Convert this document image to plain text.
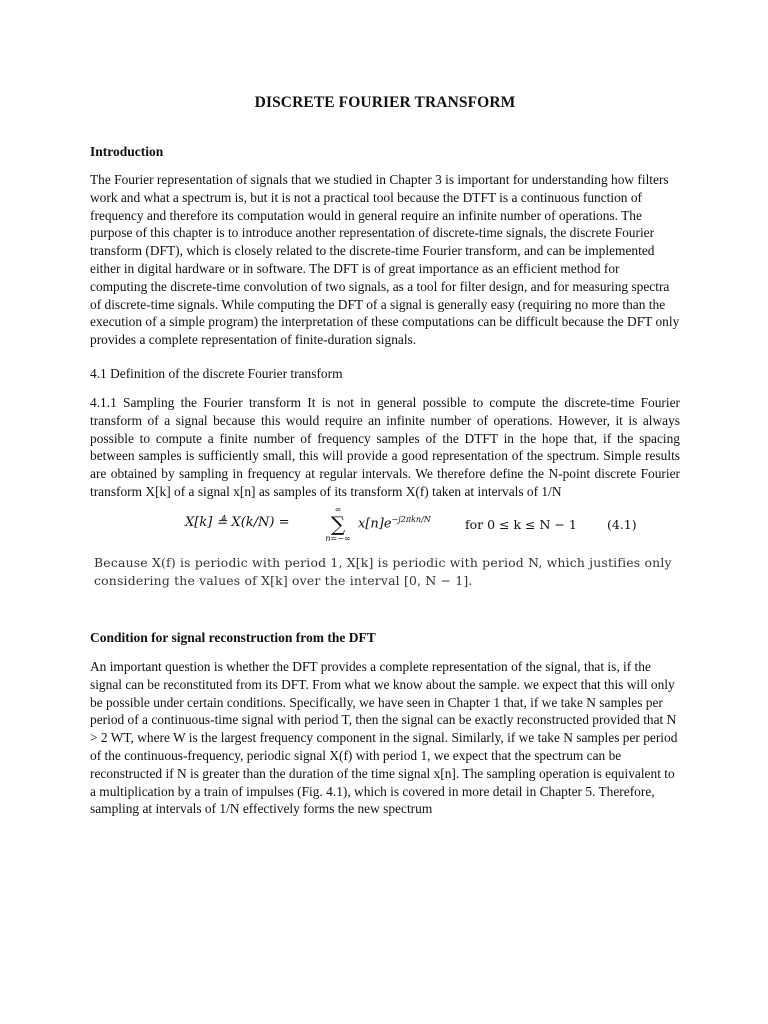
DISCRETE FOURIER TRANSFORM
Introduction
The Fourier representation of signals that we studied in Chapter 3 is important for understanding how filters work and what a spectrum is, but it is not a practical tool because the DTFT is a continuous function of frequency and therefore its computation would in general require an infinite number of operations. The purpose of this chapter is to introduce another representation of discrete-time signals, the discrete Fourier transform (DFT), which is closely related to the discrete-time Fourier transform, and can be implemented either in digital hardware or in software. The DFT is of great importance as an efficient method for computing the discrete-time convolution of two signals, as a tool for filter design, and for measuring spectra of discrete-time signals. While computing the DFT of a signal is generally easy (requiring no more than the execution of a simple program) the interpretation of these computations can be difficult because the DFT only provides a complete representation of finite-duration signals.
4.1 Definition of the discrete Fourier transform
4.1.1 Sampling the Fourier transform It is not in general possible to compute the discrete-time Fourier transform of a signal because this would require an infinite number of operations. However, it is always possible to compute a finite number of frequency samples of the DTFT in the hope that, if the spacing between samples is sufficiently small, this will provide a good representation of the spectrum. Simple results are obtained by sampling in frequency at regular intervals. We therefore define the N-point discrete Fourier transform X[k] of a signal x[n] as samples of its transform X(f) taken at intervals of 1/N
X[k] ≜ X(k/N) =
∞
∑
n=−∞
$x[n]e^{-j2\pi kn/N}$	for 0 ≤ k ≤ N − 1 (4.1)
Because X(f) is periodic with period 1, X[k] is periodic with period N, which justifies only considering the values of X[k] over the interval [0, N − 1].
Condition for signal reconstruction from the DFT
An important question is whether the DFT provides a complete representation of the signal, that is, if the signal can be reconstituted from its DFT. From what we know about the sample. we expect that this will only be possible under certain conditions. Specifically, we have seen in Chapter 1 that, if we take N samples per period of a continuous-time signal with period T, then the signal can be exactly reconstructed provided that N > 2 WT, where W is the largest frequency component in the signal. Similarly, if we take N samples per period of the continuous-frequency, periodic signal X(f) with period 1, we expect that the spectrum can be reconstructed if N is greater than the duration of the time signal x[n]. The sampling operation is equivalent to a multiplication by a train of impulses (Fig. 4.1), which is covered in more detail in Chapter 5. Therefore, sampling at intervals of 1/N effectively forms the new spectrum
